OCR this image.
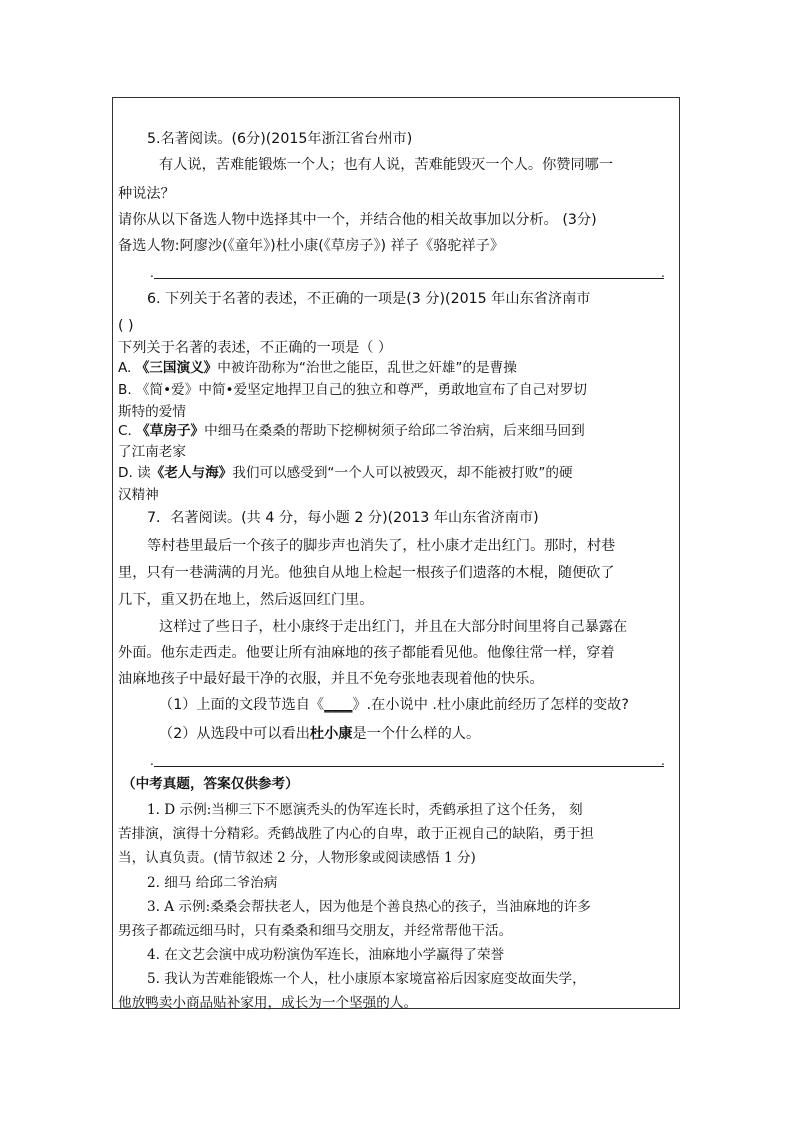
5.名著阅读。(6分)(2015年浙江省台州市)
有人说，苦难能锻炼一个人；也有人说，苦难能毁灭一个人。你赞同哪一
种说法？
请你从以下备选人物中选择其中一个，并结合他的相关故事加以分析。 (3分)
备选人物:阿廖沙(《童年》)杜小康(《草房子》) 祥子《骆驼祥子》
.	.
6. 下列关于名著的表述，不正确的一项是(3 分)(2015 年山东省济南市
( )
下列关于名著的表述，不正确的一项是（ ）
A. 《三国演义》中被许劭称为“治世之能臣，乱世之奸雄”的是曹操
B. 《简•爱》中简•爱坚定地捍卫自己的独立和尊严，勇敢地宣布了自己对罗切
斯特的爱情
C. 《草房子》中细马在桑桑的帮助下挖柳树须子给邱二爷治病，后来细马回到
了江南老家
D. 读《老人与海》我们可以感受到“一个人可以被毁灭，却不能被打败”的硬
汉精神
7．名著阅读。(共 4 分，每小题 2 分)(2013 年山东省济南市)
等村巷里最后一个孩子的脚步声也消失了，杜小康才走出红门。那时，村巷
里，只有一巷满满的月光。他独自从地上检起一根孩子们遗落的木棍，随便砍了
几下，重又扔在地上，然后返回红门里。
这样过了些日子，杜小康终于走出红门，并且在大部分时间里将自己暴露在
外面。他东走西走。他要让所有油麻地的孩子都能看见他。他像往常一样，穿着
油麻地孩子中最好最干净的衣服，并且不免夸张地表现着他的快乐。
（1）上面的文段节选自《____》.在小说中 .杜小康此前经历了怎样的变故?
（2）从选段中可以看出杜小康是一个什么样的人。
.	.
（中考真题，答案仅供参考）
1. D 示例:当柳三下不愿演秃头的伪军连长时，秃鹤承担了这个任务， 刻
苦排演，演得十分精彩。秃鹤战胜了内心的自卑，敢于正视自己的缺陷，勇于担
当，认真负责。(情节叙述 2 分，人物形象或阅读感悟 1 分)
2. 细马 给邱二爷治病
3. A 示例:桑桑会帮扶老人，因为他是个善良热心的孩子，当油麻地的许多
男孩子都疏远细马时，只有桑桑和细马交朋友，并经常帮他干活。
4. 在文艺会演中成功粉演伪军连长，油麻地小学赢得了荣誉
5. 我认为苦难能锻炼一个人，杜小康原本家境富裕后因家庭变故面失学，
他放鸭卖小商品贴补家用，成长为一个坚强的人。
